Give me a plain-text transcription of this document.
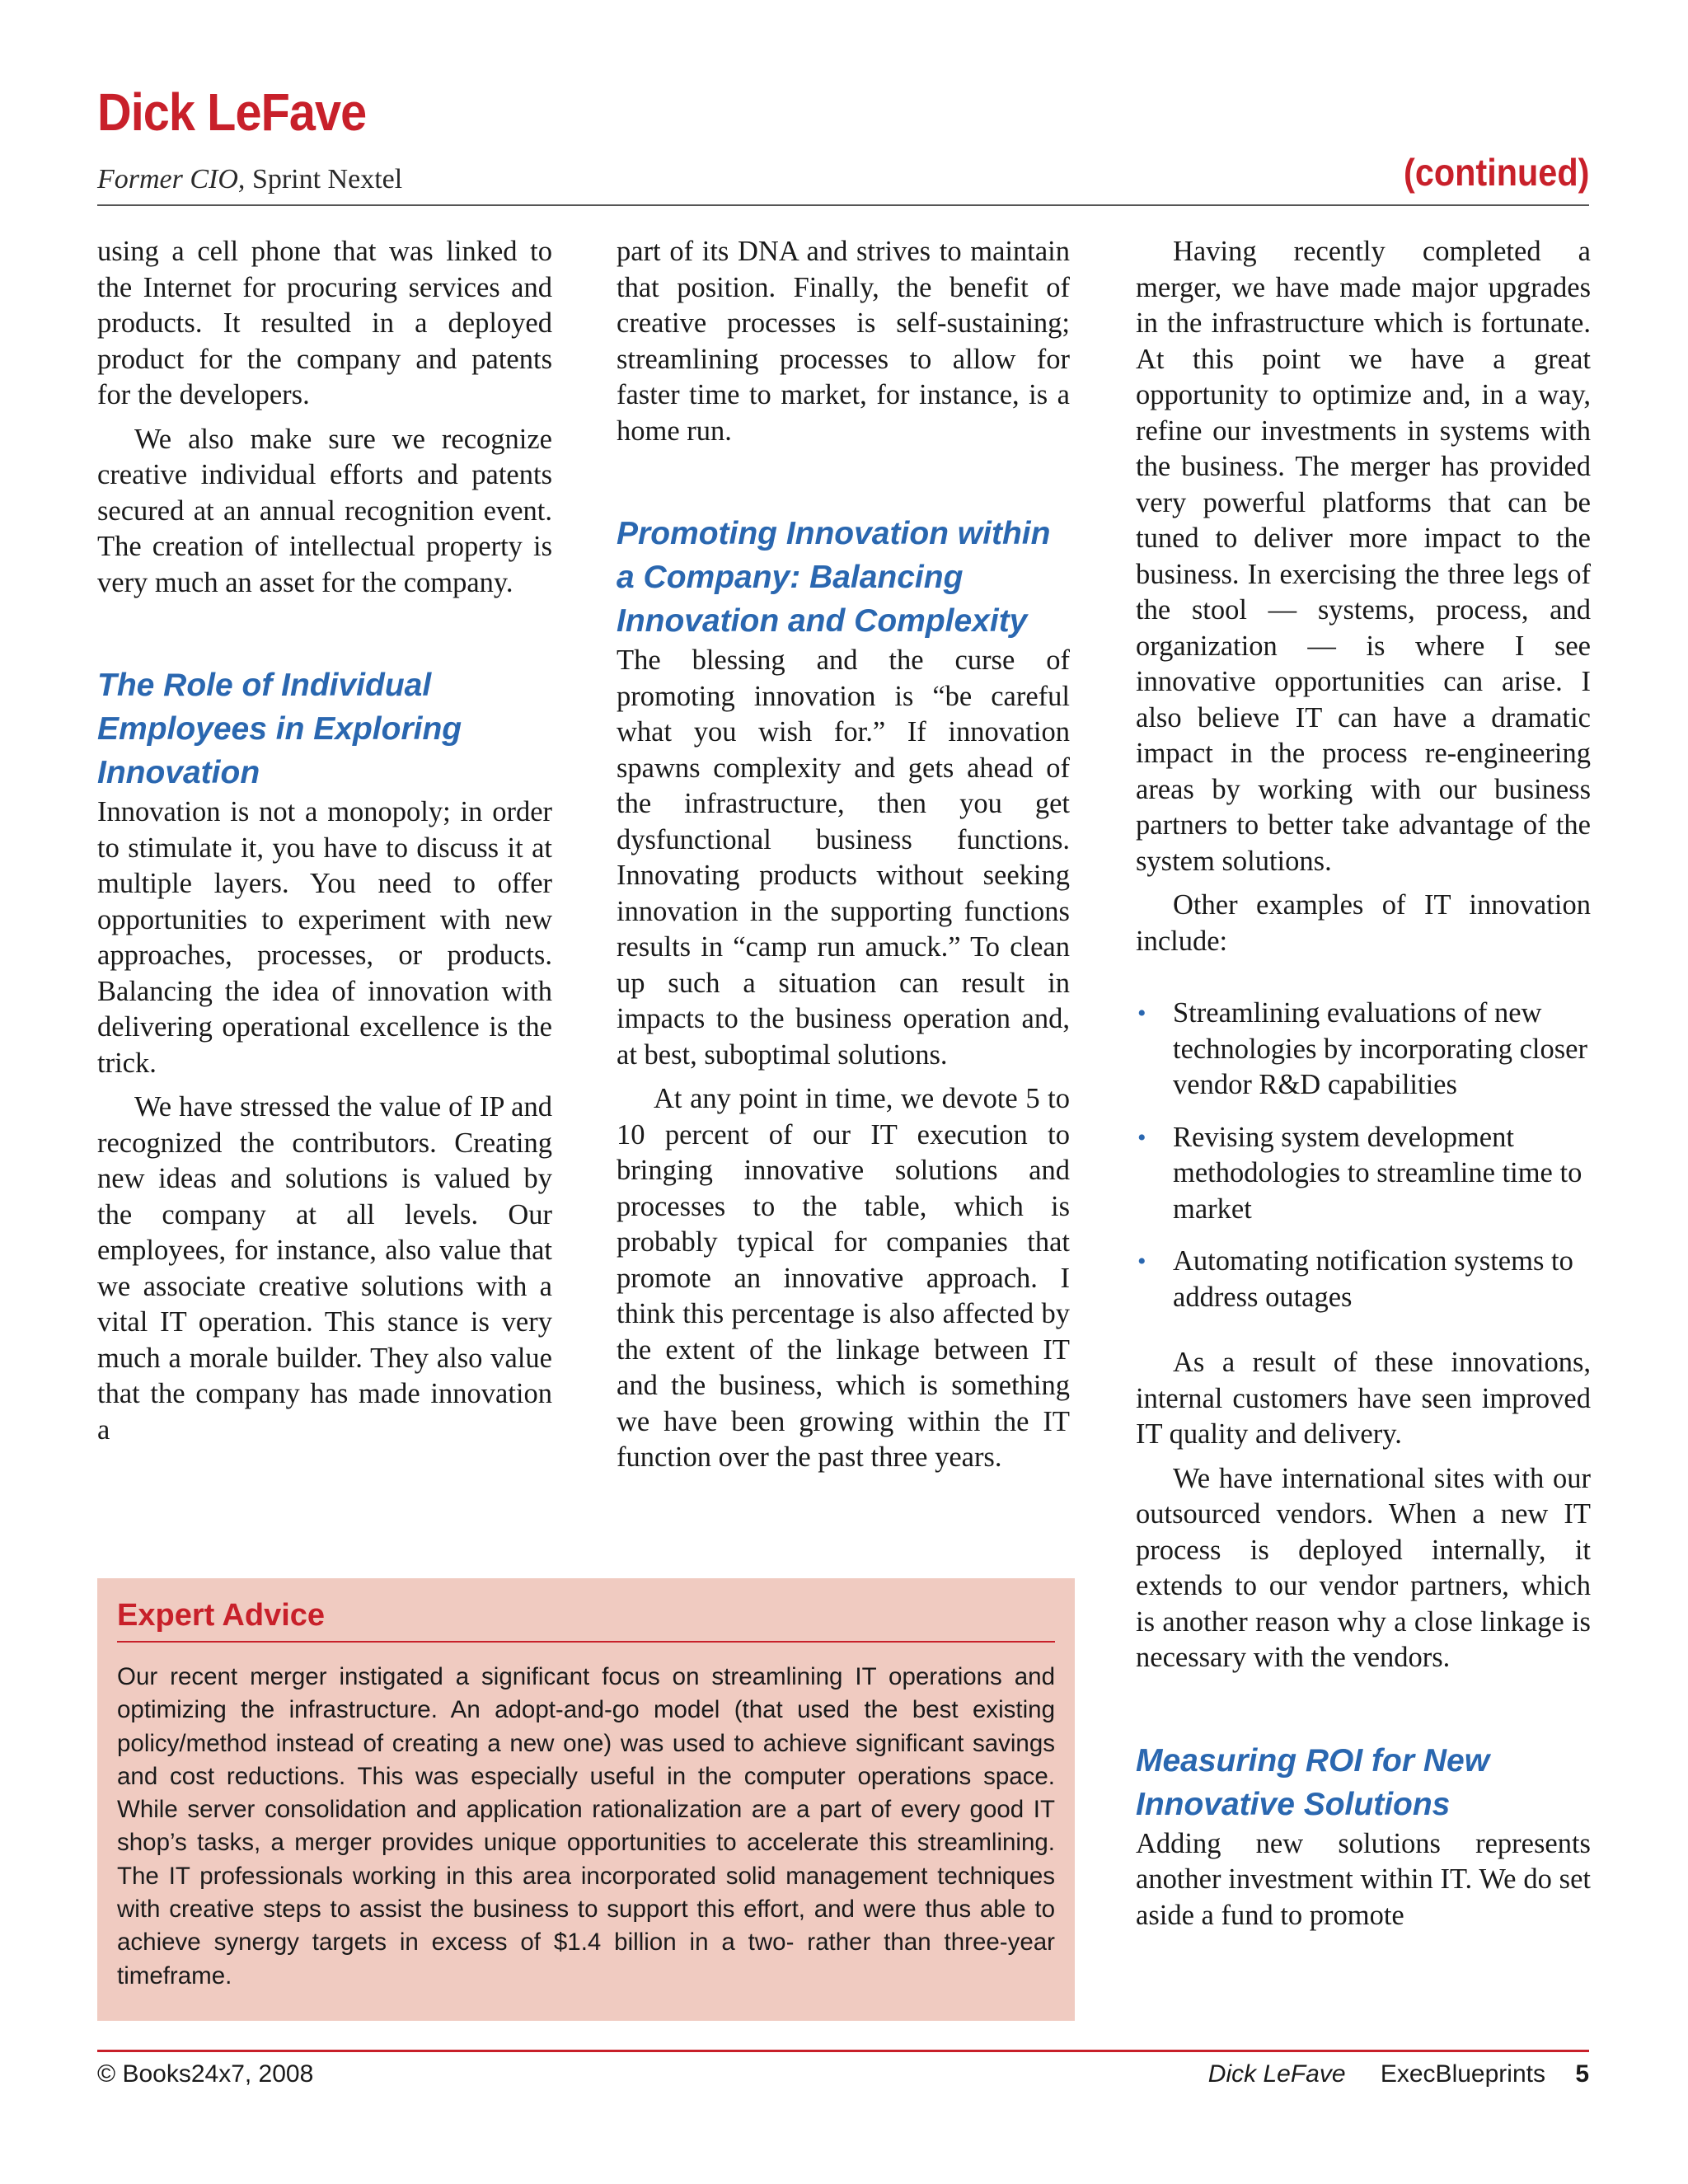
Dick LeFave
Former CIO, Sprint Nextel	(continued)

using a cell phone that was linked to the Internet for procuring services and products. It resulted in a deployed product for the company and patents for the developers.

We also make sure we recognize creative individual efforts and patents secured at an annual recognition event. The creation of intellectual property is very much an asset for the company.

The Role of Individual Employees in Exploring Innovation

Innovation is not a monopoly; in order to stimulate it, you have to discuss it at multiple layers. You need to offer opportunities to experiment with new approaches, processes, or products. Balancing the idea of innovation with delivering operational excellence is the trick.

We have stressed the value of IP and recognized the contributors. Creating new ideas and solutions is valued by the company at all levels. Our employees, for instance, also value that we associate creative solutions with a vital IT operation. This stance is very much a morale builder. They also value that the company has made innovation a

part of its DNA and strives to maintain that position. Finally, the benefit of creative processes is self-sustaining; streamlining processes to allow for faster time to market, for instance, is a home run.

Promoting Innovation within a Company: Balancing Innovation and Complexity

The blessing and the curse of promoting innovation is “be careful what you wish for.” If innovation spawns complexity and gets ahead of the infrastructure, then you get dysfunctional business functions. Innovating products without seeking innovation in the supporting functions results in “camp run amuck.” To clean up such a situation can result in impacts to the business operation and, at best, suboptimal solutions.

At any point in time, we devote 5 to 10 percent of our IT execution to bringing innovative solutions and processes to the table, which is probably typical for companies that promote an innovative approach. I think this percentage is also affected by the extent of the linkage between IT and the business, which is something we have been growing within the IT function over the past three years.

Having recently completed a merger, we have made major upgrades in the infrastructure which is fortunate. At this point we have a great opportunity to optimize and, in a way, refine our investments in systems with the business. The merger has provided very powerful platforms that can be tuned to deliver more impact to the business. In exercising the three legs of the stool — systems, process, and organization — is where I see innovative opportunities can arise. I also believe IT can have a dramatic impact in the process re-engineering areas by working with our business partners to better take advantage of the system solutions.

Other examples of IT innovation include:

• Streamlining evaluations of new technologies by incorporating closer vendor R&D capabilities
• Revising system development methodologies to streamline time to market
• Automating notification systems to address outages

As a result of these innovations, internal customers have seen improved IT quality and delivery.

We have international sites with our outsourced vendors. When a new IT process is deployed internally, it extends to our vendor partners, which is another reason why a close linkage is necessary with the vendors.

Measuring ROI for New Innovative Solutions

Adding new solutions represents another investment within IT. We do set aside a fund to promote

Expert Advice
Our recent merger instigated a significant focus on streamlining IT operations and optimizing the infrastructure. An adopt-and-go model (that used the best existing policy/method instead of creating a new one) was used to achieve significant savings and cost reductions. This was especially useful in the computer operations space. While server consolidation and application rationalization are a part of every good IT shop’s tasks, a merger provides unique opportunities to accelerate this streamlining. The IT professionals working in this area incorporated solid management techniques with creative steps to assist the business to support this effort, and were thus able to achieve synergy targets in excess of $1.4 billion in a two- rather than three-year timeframe.
© Books24x7, 2008	Dick LeFave ExecBlueprints 5
